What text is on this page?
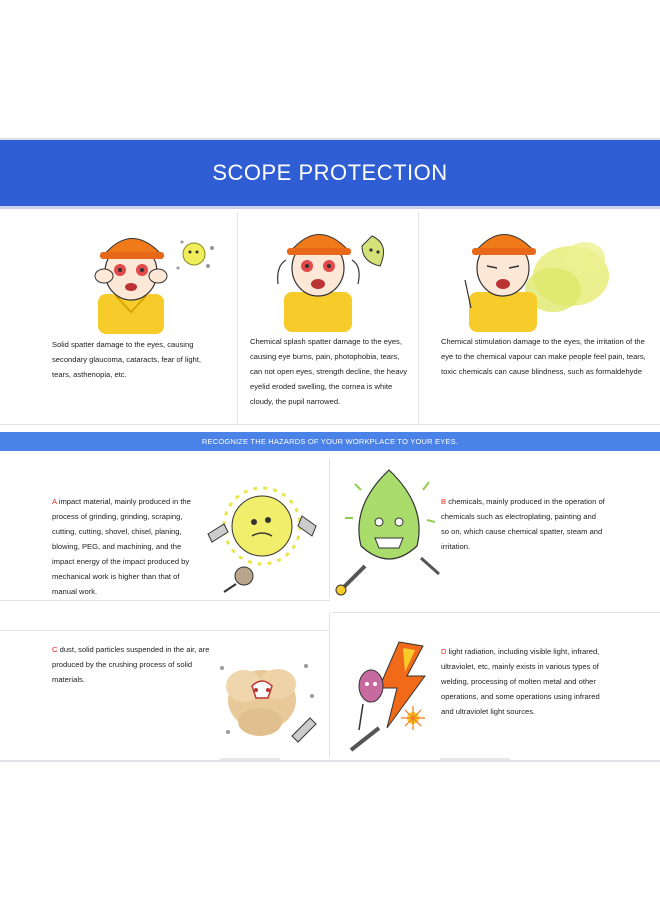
SCOPE PROTECTION
Solid spatter damage to the eyes, causing secondary glaucoma, cataracts, fear of light, tears, asthenopia, etc.
Chemical splash spatter damage to the eyes, causing eye burns, pain, photophobia, tears, can not open eyes, strength decline, the heavy eyelid eroded swelling, the cornea is white cloudy, the pupil narrowed.
Chemical stimulation damage to the eyes, the irritation of the eye to the chemical vapour can make people feel pain, tears, toxic chemicals can cause blindness, such as formaldehyde
RECOGNIZE THE HAZARDS OF YOUR WORKPLACE TO YOUR EYES.
A impact material, mainly produced in the process of grinding, grinding, scraping, cutting, cutting, shovel, chisel, planing, blowing, PEG, and machining, and the impact energy of the impact produced by mechanical work is higher than that of manual work.
B chemicals, mainly produced in the operation of chemicals such as electroplating, painting and so on, which cause chemical spatter, steam and irritation.
C dust, solid particles suspended in the air, are produced by the crushing process of solid materials.
D light radiation, including visible light, infrared, ultraviolet, etc, mainly exists in various types of welding, processing of molten metal and other operations, and some operations using infrared and ultraviolet light sources.
